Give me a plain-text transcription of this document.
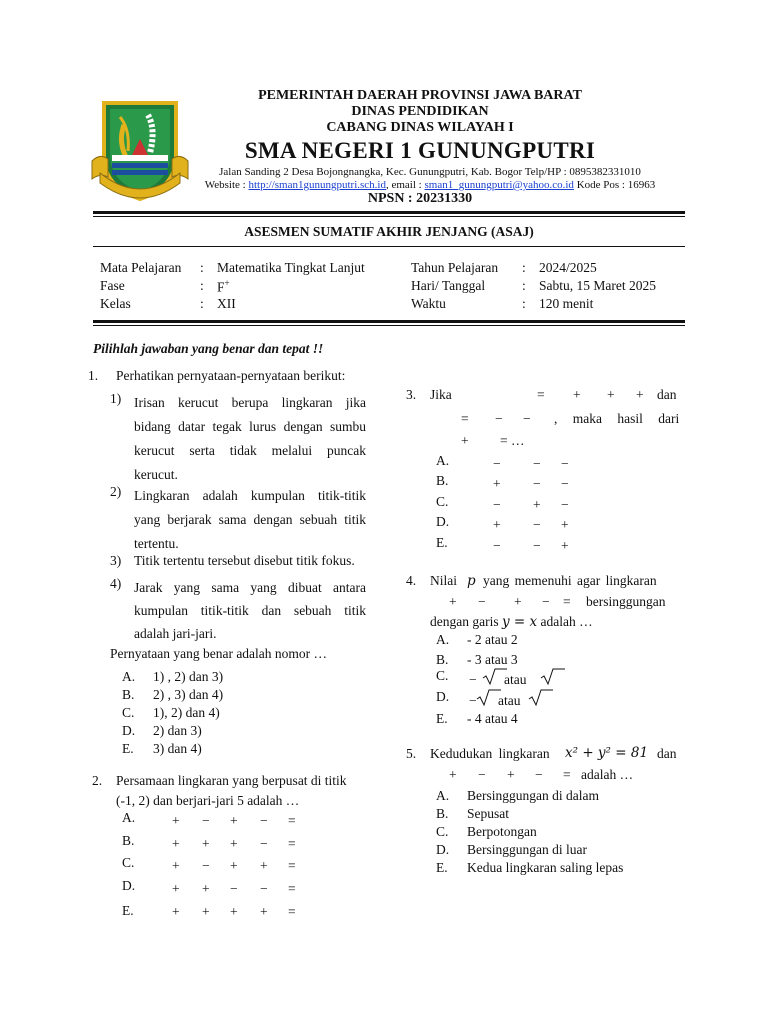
PEMERINTAH DAERAH PROVINSI JAWA BARAT
DINAS PENDIDIKAN
CABANG DINAS WILAYAH I
SMA NEGERI 1 GUNUNGPUTRI
Jalan Sanding 2 Desa Bojongnangka, Kec. Gunungputri, Kab. Bogor Telp/HP : 0895382331010
Website : http://sman1gunungputri.sch.id, email : sman1_gunungputri@yahoo.co.id Kode Pos : 16963
NPSN : 20231330
ASESMEN SUMATIF AKHIR JENJANG (ASAJ)
Mata Pelajaran : Matematika Tingkat Lanjut
Fase	: F+
Kelas	: XII
Tahun Pelajaran : 2024/2025
Hari/ Tanggal	: Sabtu, 15 Maret 2025
Waktu	: 120 menit
Pilihlah jawaban yang benar dan tepat !!
1. Perhatikan pernyataan-pernyataan berikut:
1) Irisan kerucut berupa lingkaran jika
bidang datar tegak lurus dengan sumbu
kerucut serta tidak melalui puncak
kerucut.
2) Lingkaran adalah kumpulan titik-titik
yang berjarak sama dengan sebuah titik
tertentu.
3) Titik tertentu tersebut disebut titik fokus.
4) Jarak yang sama yang dibuat antara
kumpulan titik-titik dan sebuah titik
adalah jari-jari.
Pernyataan yang benar adalah nomor …
A. 1) , 2) dan 3)
B. 2) , 3) dan 4)
C. 1), 2) dan 4)
D. 2) dan 3)
E. 3) dan 4)
2. Persamaan lingkaran yang berpusat di titik
(-1, 2) dan berjari-jari 5 adalah …
A.
B.
C.
D.
E.
+ − + − =
+ + + − =
+ − + + =
+ + − − =
+ + + + =
3. Jika	= + + + dan
= − − , maka hasil dari
+ = …
A.
B.
C.
D.
E.
− − −
+ − −
− + −
+ − +
− − +
4. Nilai p yang memenuhi agar lingkaran
+ − + − = bersinggungan
dengan garis y = x adalah …
A. - 2 atau 2
B. - 3 atau 3
C. − atau
D. − atau
E. - 4 atau 4
5. Kedudukan lingkaran x² + y² = 81 dan
+ − + − = adalah …
A. Bersinggungan di dalam
B. Sepusat
C. Berpotongan
D. Bersinggungan di luar
E. Kedua lingkaran saling lepas
